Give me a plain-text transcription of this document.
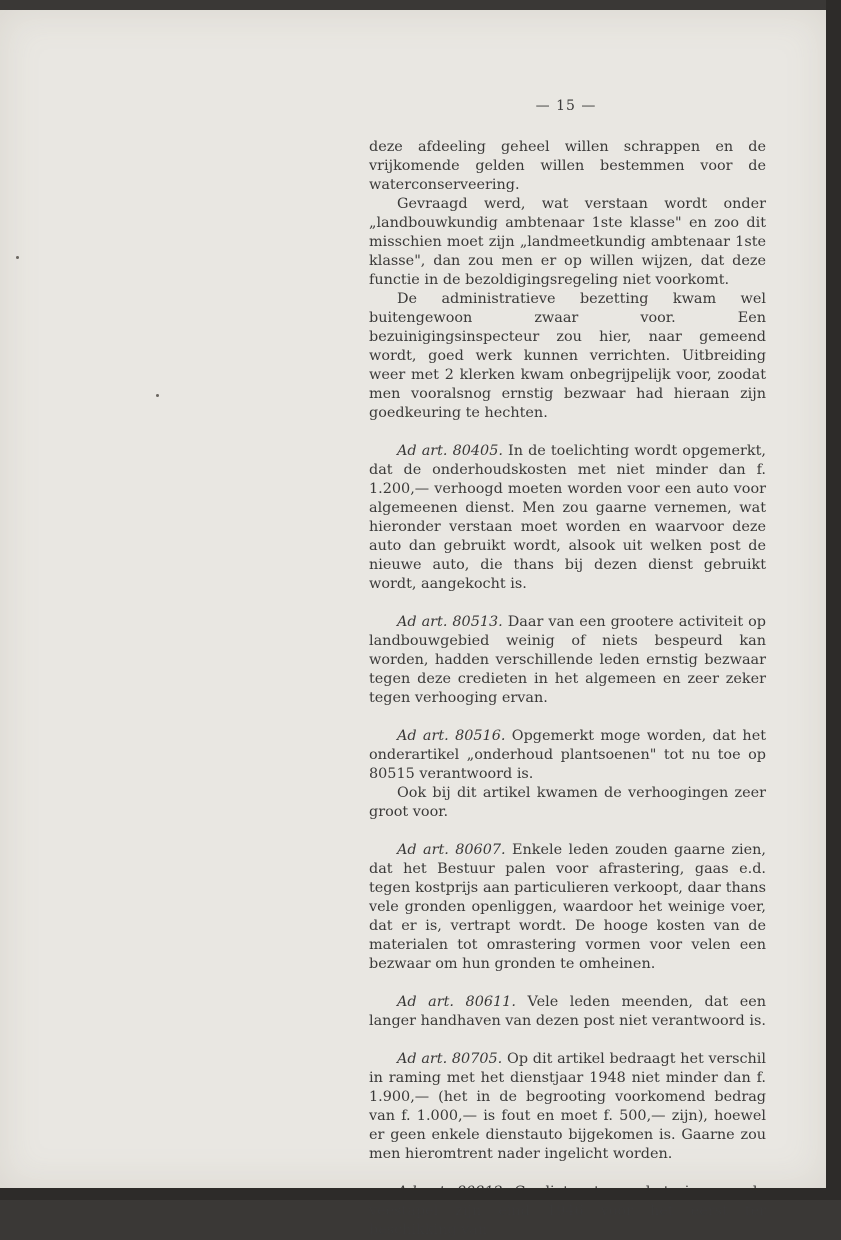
— 15 —

deze afdeeling geheel willen schrappen en de vrijkomende gelden willen bestemmen voor de waterconserveering.

Gevraagd werd, wat verstaan wordt onder „landbouwkundig ambtenaar 1ste klasse" en zoo dit misschien moet zijn „landmeetkundig ambtenaar 1ste klasse", dan zou men er op willen wijzen, dat deze functie in de bezoldigingsregeling niet voorkomt.

De administratieve bezetting kwam wel buitengewoon zwaar voor. Een bezuinigingsinspecteur zou hier, naar gemeend wordt, goed werk kunnen verrichten. Uitbreiding weer met 2 klerken kwam onbegrijpelijk voor, zoodat men vooralsnog ernstig bezwaar had hieraan zijn goedkeuring te hechten.

Ad art. 80405. In de toelichting wordt opgemerkt, dat de onderhoudskosten met niet minder dan f. 1.200,— verhoogd moeten worden voor een auto voor algemeenen dienst. Men zou gaarne vernemen, wat hieronder verstaan moet worden en waarvoor deze auto dan gebruikt wordt, alsook uit welken post de nieuwe auto, die thans bij dezen dienst gebruikt wordt, aangekocht is.

Ad art. 80513. Daar van een grootere activiteit op landbouwgebied weinig of niets bespeurd kan worden, hadden verschillende leden ernstig bezwaar tegen deze credieten in het algemeen en zeer zeker tegen verhooging ervan.

Ad art. 80516. Opgemerkt moge worden, dat het onderartikel „onderhoud plantsoenen" tot nu toe op 80515 verantwoord is.

Ook bij dit artikel kwamen de verhoogingen zeer groot voor.

Ad art. 80607. Enkele leden zouden gaarne zien, dat het Bestuur palen voor afrastering, gaas e.d. tegen kostprijs aan particulieren verkoopt, daar thans vele gronden openliggen, waardoor het weinige voer, dat er is, vertrapt wordt. De hooge kosten van de materialen tot omrastering vormen voor velen een bezwaar om hun gronden te omheinen.

Ad art. 80611. Vele leden meenden, dat een langer handhaven van dezen post niet verantwoord is.

Ad art. 80705. Op dit artikel bedraagt het verschil in raming met het dienstjaar 1948 niet minder dan f. 1.900,— (het in de begrooting voorkomend bedrag van f. 1.000,— is fout en moet f. 500,— zijn), hoewel er geen enkele dienstauto bijgekomen is. Gaarne zou men hieromtrent nader ingelicht worden.

Ad art. 80812. Credieten ter verbetering van de veestapel zijn eind 1946 voor het eerst ter
